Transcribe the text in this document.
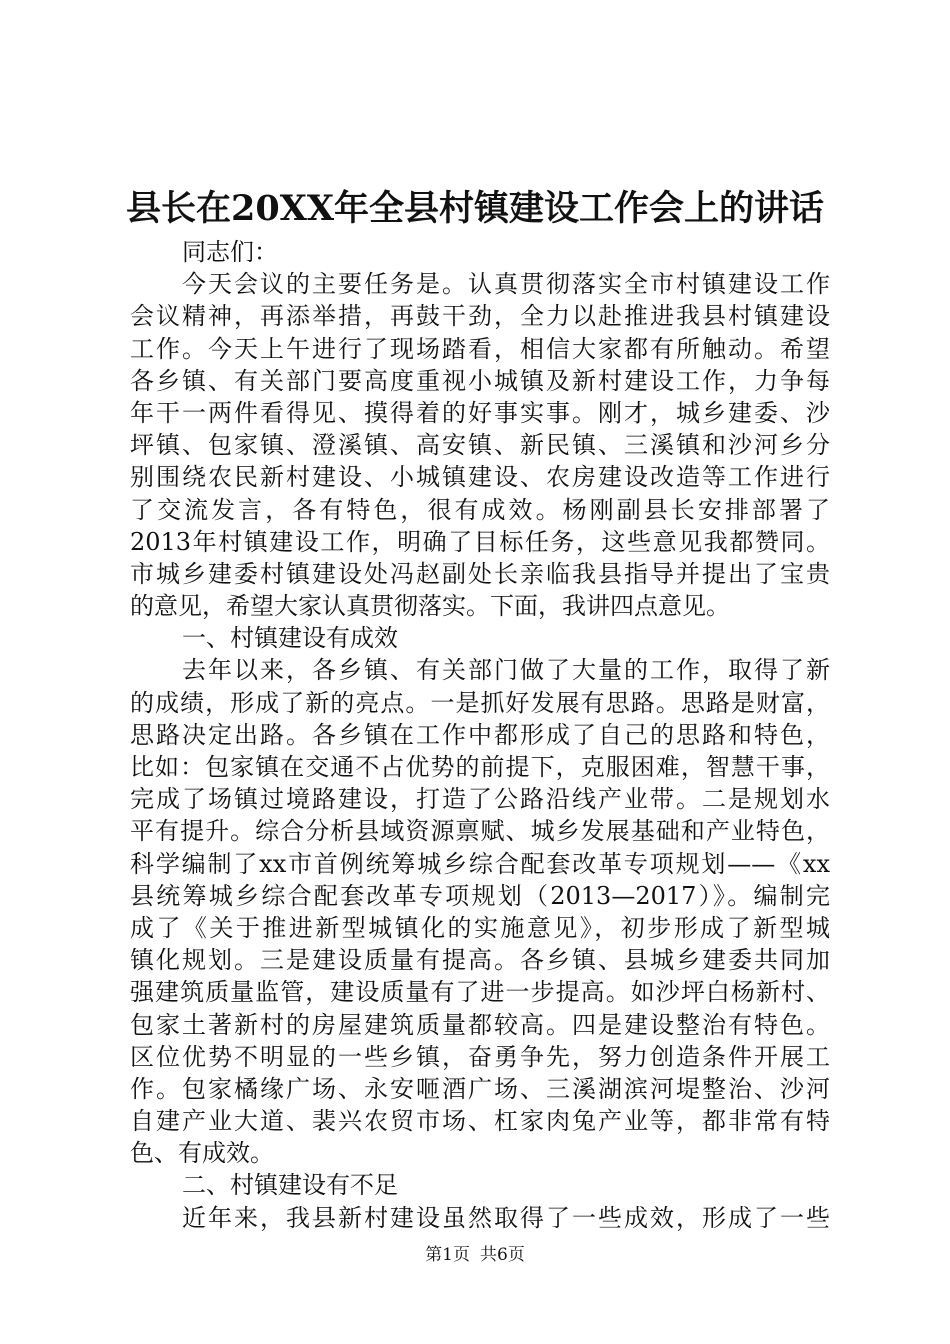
县长在20XX年全县村镇建设工作会上的讲话
同志们：
今天会议的主要任务是。认真贯彻落实全市村镇建设工作
会议精神，再添举措，再鼓干劲，全力以赴推进我县村镇建设
工作。今天上午进行了现场踏看，相信大家都有所触动。希望
各乡镇、有关部门要高度重视小城镇及新村建设工作，力争每
年干一两件看得见、摸得着的好事实事。刚才，城乡建委、沙
坪镇、包家镇、澄溪镇、高安镇、新民镇、三溪镇和沙河乡分
别围绕农民新村建设、小城镇建设、农房建设改造等工作进行
了交流发言，各有特色，很有成效。杨刚副县长安排部署了
2013年村镇建设工作，明确了目标任务，这些意见我都赞同。
市城乡建委村镇建设处冯赵副处长亲临我县指导并提出了宝贵
的意见，希望大家认真贯彻落实。下面，我讲四点意见。
一、村镇建设有成效
去年以来，各乡镇、有关部门做了大量的工作，取得了新
的成绩，形成了新的亮点。一是抓好发展有思路。思路是财富，
思路决定出路。各乡镇在工作中都形成了自己的思路和特色，
比如：包家镇在交通不占优势的前提下，克服困难，智慧干事，
完成了场镇过境路建设，打造了公路沿线产业带。二是规划水
平有提升。综合分析县域资源禀赋、城乡发展基础和产业特色，
科学编制了xx市首例统筹城乡综合配套改革专项规划——《xx
县统筹城乡综合配套改革专项规划（2013—2017）》。编制完
成了《关于推进新型城镇化的实施意见》，初步形成了新型城
镇化规划。三是建设质量有提高。各乡镇、县城乡建委共同加
强建筑质量监管，建设质量有了进一步提高。如沙坪白杨新村、
包家土著新村的房屋建筑质量都较高。四是建设整治有特色。
区位优势不明显的一些乡镇，奋勇争先，努力创造条件开展工
作。包家橘缘广场、永安咂酒广场、三溪湖滨河堤整治、沙河
自建产业大道、裴兴农贸市场、杠家肉兔产业等，都非常有特
色、有成效。
二、村镇建设有不足
近年来，我县新村建设虽然取得了一些成效，形成了一些
第1页 共6页
